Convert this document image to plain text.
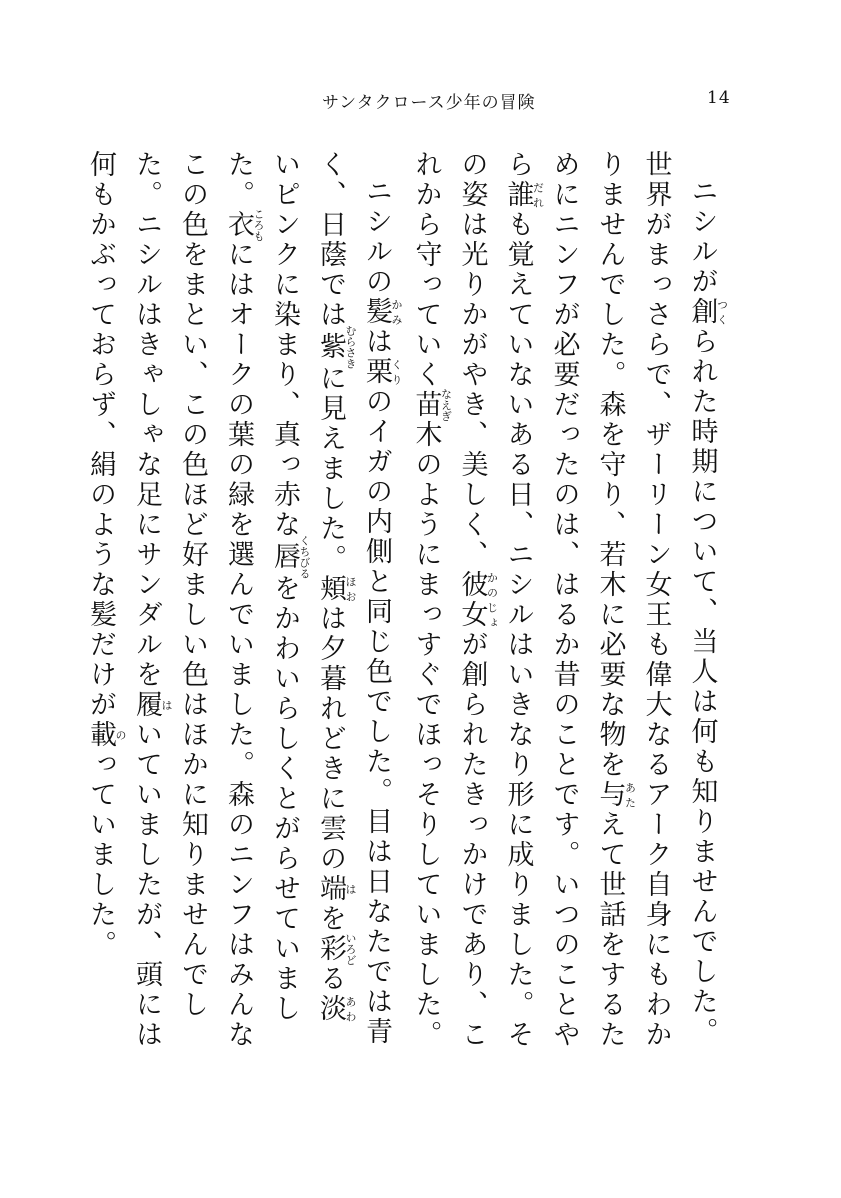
サンタクロース少年の冒険	14

ニシルが創つくられた時期について、当人は何も知りませんでした。世界がまっさらで、ザーリーン女王も偉大なるアーク自身にもわかりませんでした。森を守り、若木に必要な物を与あたえて世話をするためにニンフが必要だったのは、はるか昔のことです。いつのことやら誰だれも覚えていないある日、ニシルはいきなり形に成りました。その姿は光りかがやき、美しく、彼女かのじょが創られたきっかけであり、これから守っていく苗なえぎ木のようにまっすぐでほっそりしていました。

ニシルの髪かみは栗くりのイガの内側と同じ色でした。目は日なたでは青く、日蔭では紫むらさきに見えました。頬ほおは夕暮れどきに雲の端はを彩いろどる淡あわいピンクに染まり、真っ赤な唇くちびるをかわいらしくとがらせていました。衣ころもにはオークの葉の緑を選んでいました。森のニンフはみんなこの色をまとい、この色ほど好ましい色はほかに知りませんでした。ニシルはきゃしゃな足にサンダルを履はいていましたが、頭には何もかぶっておらず、絹のような髪だけが載のっていました。
